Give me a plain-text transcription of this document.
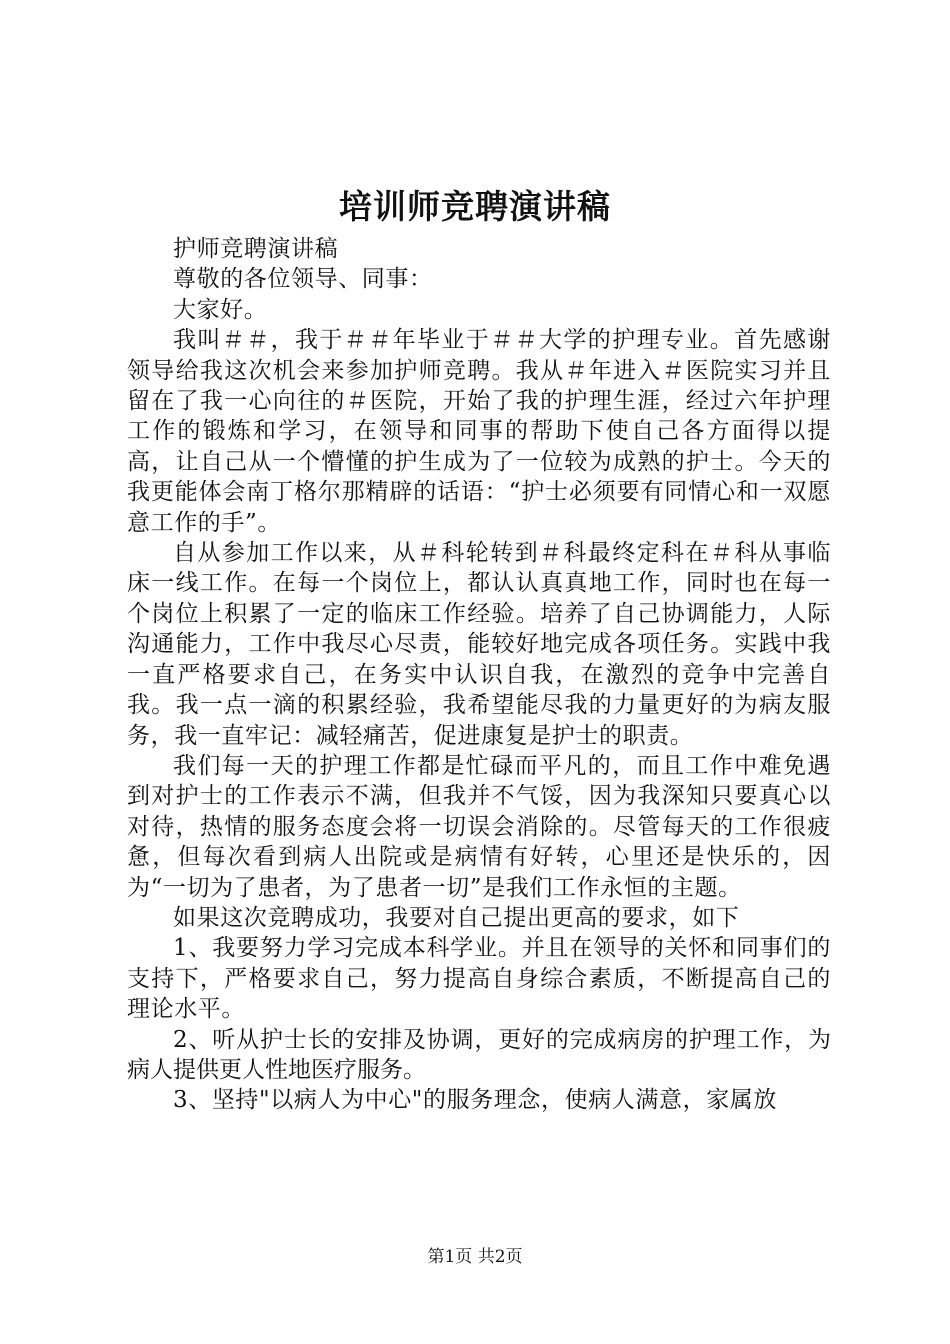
培训师竞聘演讲稿

护师竞聘演讲稿

尊敬的各位领导、同事：

大家好。

我叫＃＃，我于＃＃年毕业于＃＃大学的护理专业。首先感谢领导给我这次机会来参加护师竞聘。我从＃年进入＃医院实习并且留在了我一心向往的＃医院，开始了我的护理生涯，经过六年护理工作的锻炼和学习，在领导和同事的帮助下使自己各方面得以提高，让自己从一个懵懂的护生成为了一位较为成熟的护士。今天的我更能体会南丁格尔那精辟的话语：“护士必须要有同情心和一双愿意工作的手”。

自从参加工作以来，从＃科轮转到＃科最终定科在＃科从事临床一线工作。在每一个岗位上，都认认真真地工作，同时也在每一个岗位上积累了一定的临床工作经验。培养了自己协调能力，人际沟通能力，工作中我尽心尽责，能较好地完成各项任务。实践中我一直严格要求自己，在务实中认识自我，在激烈的竞争中完善自我。我一点一滴的积累经验，我希望能尽我的力量更好的为病友服务，我一直牢记：减轻痛苦，促进康复是护士的职责。

我们每一天的护理工作都是忙碌而平凡的，而且工作中难免遇到对护士的工作表示不满，但我并不气馁，因为我深知只要真心以对待，热情的服务态度会将一切误会消除的。尽管每天的工作很疲惫，但每次看到病人出院或是病情有好转，心里还是快乐的，因为“一切为了患者，为了患者一切”是我们工作永恒的主题。

如果这次竞聘成功，我要对自己提出更高的要求，如下

1、我要努力学习完成本科学业。并且在领导的关怀和同事们的支持下，严格要求自己，努力提高自身综合素质，不断提高自己的理论水平。

2、听从护士长的安排及协调，更好的完成病房的护理工作，为病人提供更人性地医疗服务。

3、坚持"以病人为中心"的服务理念，使病人满意，家属放

第1页 共2页
